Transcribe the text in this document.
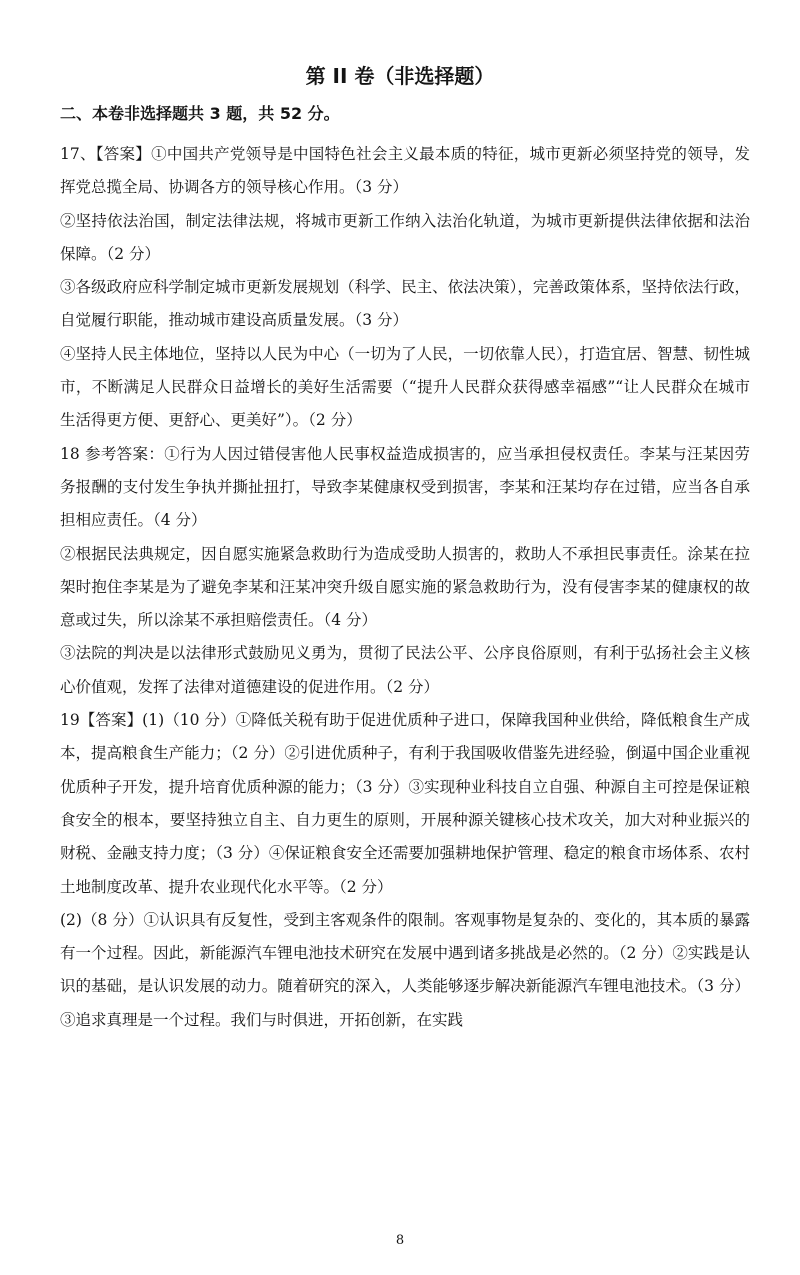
第 II 卷（非选择题）
二、本卷非选择题共 3 题，共 52 分。

17、【答案】①中国共产党领导是中国特色社会主义最本质的特征，城市更新必须坚持党的领导，发挥党总揽全局、协调各方的领导核心作用。（3 分）

②坚持依法治国，制定法律法规，将城市更新工作纳入法治化轨道，为城市更新提供法律依据和法治保障。（2 分）

③各级政府应科学制定城市更新发展规划（科学、民主、依法决策），完善政策体系，坚持依法行政，自觉履行职能，推动城市建设高质量发展。（3 分）

④坚持人民主体地位，坚持以人民为中心（一切为了人民，一切依靠人民），打造宜居、智慧、韧性城市，不断满足人民群众日益增长的美好生活需要（“提升人民群众获得感幸福感”“让人民群众在城市生活得更方便、更舒心、更美好”）。（2 分）

18 参考答案：①行为人因过错侵害他人民事权益造成损害的，应当承担侵权责任。李某与汪某因劳务报酬的支付发生争执并撕扯扭打，导致李某健康权受到损害，李某和汪某均存在过错，应当各自承担相应责任。（4 分）

②根据民法典规定，因自愿实施紧急救助行为造成受助人损害的，救助人不承担民事责任。涂某在拉架时抱住李某是为了避免李某和汪某冲突升级自愿实施的紧急救助行为，没有侵害李某的健康权的故意或过失，所以涂某不承担赔偿责任。（4 分）

③法院的判决是以法律形式鼓励见义勇为，贯彻了民法公平、公序良俗原则，有利于弘扬社会主义核心价值观，发挥了法律对道德建设的促进作用。（2 分）

19【答案】(1)（10 分）①降低关税有助于促进优质种子进口，保障我国种业供给，降低粮食生产成本，提高粮食生产能力；（2 分）②引进优质种子，有利于我国吸收借鉴先进经验，倒逼中国企业重视优质种子开发，提升培育优质种源的能力；（3 分）③实现种业科技自立自强、种源自主可控是保证粮食安全的根本，要坚持独立自主、自力更生的原则，开展种源关键核心技术攻关，加大对种业振兴的财税、金融支持力度；（3 分）④保证粮食安全还需要加强耕地保护管理、稳定的粮食市场体系、农村土地制度改革、提升农业现代化水平等。（2 分）

(2)（8 分）①认识具有反复性，受到主客观条件的限制。客观事物是复杂的、变化的，其本质的暴露有一个过程。因此，新能源汽车锂电池技术研究在发展中遇到诸多挑战是必然的。（2 分）②实践是认识的基础，是认识发展的动力。随着研究的深入，人类能够逐步解决新能源汽车锂电池技术。（3 分）③追求真理是一个过程。我们与时俱进，开拓创新，在实践

8
